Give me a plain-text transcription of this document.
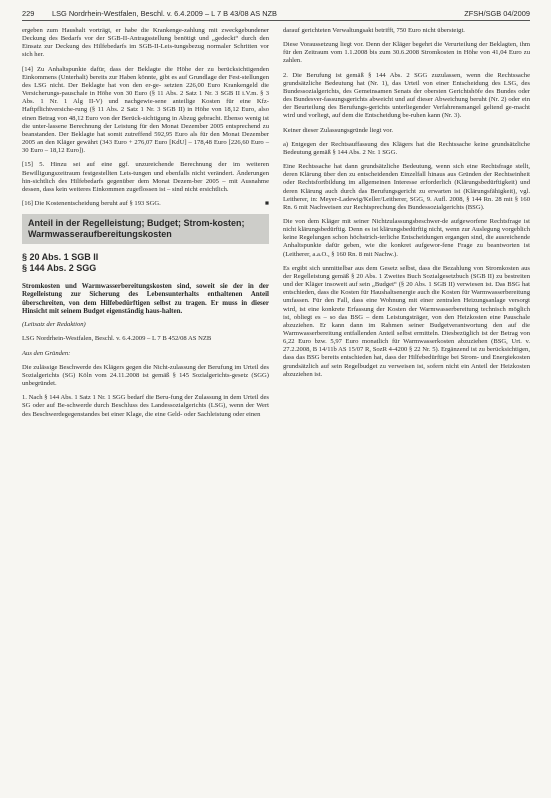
229	LSG Nordrhein-Westfalen, Beschl. v. 6.4.2009 – L 7 B 43/08 AS NZB	ZFSH/SGB 04/2009

ergeben zum Haushalt vorträgt, er habe die Krankenge-zahlung mit zweckgebundener Deckung des Bedarfs vor der SGB-II-Antragsstellung benötigt und „gedeckt“ durch den Einsatz zur Deckung des Hilfebedarfs im SGB-II-Leis-tungsbezug normaler Schritten vor sich her.

[14] Zu Anhaltspunkte dafür, dass der Beklagte die Höhe der zu berücksichtigenden Einkommens (Unterhalt) bereits zur Haben könnte, gibt es auf Grundlage der Fest-stellungen des LSG nicht. Der Beklagte hat von den er-ge- setzten 226,00 Euro Krankengeld die Versicherungs-pauschale in Höhe von 30 Euro (§ 11 Abs. 2 Satz 1 Nr. 3 SGB II i.V.m. § 3 Abs. 1 Nr. 1 Alg II-V) und nachgewie-sene anteilige Kosten für eine Kfz-Haftpflichtversiche-rung (§ 11 Abs. 2 Satz 1 Nr. 3 SGB II) in Höhe von 18,12 Euro, also einen Betrag von 48,12 Euro von der Berück-sichtigung in Abzug gebracht. Ebenso wenig ist die unter-lassene Berechnung der Leistung für den Monat Dezember 2005 entsprechend zu beanstanden. Der Beklagte hat somit zutreffend 592,95 Euro als für den Monat Dezember 2005 an den Kläger gewährt (343 Euro + 276,07 Euro [KdU] – 178,48 Euro [226,60 Euro – 30 Euro – 18,12 Euro]).

[15] 5. Hinzu sei auf eine ggf. unzureichende Berechnung der im weiteren Bewilligungszeitraum festgestellten Leis-tungen und ebenfalls nicht verändert. Änderungen hin-sichtlich des Hilfebedarfs gegenüber dem Monat Dezem-ber 2005 – mit Ausnahme dessen, dass kein weiteres Einkommen zugeflossen ist – sind nicht ersichtlich.

[16] Die Kostenentscheidung beruht auf § 193 SGG.	■

Anteil in der Regelleistung; Budget; Strom-kosten; Warmwasseraufbereitungskosten
§ 20 Abs. 1 SGB II
§ 144 Abs. 2 SGG

Stromkosten und Warmwasserbereitungskosten sind, soweit sie der in der Regelleistung zur Sicherung des Lebensunterhalts enthaltenen Anteil überschreiten, von dem Hilfebedürftigen selbst zu tragen. Er muss in dieser Hinsicht mit seinem Budget eigenständig haus-halten.

(Leitsatz der Redaktion)

LSG Nordrhein-Westfalen, Beschl. v. 6.4.2009 – L 7 B 452/08 AS NZB

Aus den Gründen:

Die zulässige Beschwerde des Klägers gegen die Nicht-zulassung der Berufung im Urteil des Sozialgerichts (SG) Köln vom 24.11.2008 ist gemäß § 145 Sozialgerichts-gesetz (SGG) unbegründet.

1. Nach § 144 Abs. 1 Satz 1 Nr. 1 SGG bedarf die Beru-fung der Zulassung in dem Urteil des SG oder auf Be-schwerde durch Beschluss des Landessozialgerichts (LSG), wenn der Wert des Beschwerdegegenstandes bei einer Klage, die eine Geld- oder Sachleistung oder einen

darauf gerichteten Verwaltungsakt betrifft, 750 Euro nicht übersteigt.

Diese Voraussetzung liegt vor. Denn der Kläger begehrt die Verurteilung der Beklagten, ihm für den Zeitraum vom 1.1.2008 bis zum 30.6.2008 Stromkosten in Höhe von 41,04 Euro zu zahlen.

2. Die Berufung ist gemäß § 144 Abs. 2 SGG zuzulassen, wenn die Rechtssache grundsätzliche Bedeutung hat (Nr. 1), das Urteil von einer Entscheidung des LSG, des Bundessozialgerichts, des Gemeinsamen Senats der obersten Gerichtshöfe des Bundes oder des Bundesver-fassungsgerichts abweicht und auf dieser Abweichung beruht (Nr. 2) oder ein der Beurteilung des Berufungs-gerichts unterliegender Verfahrensmangel geltend ge-macht wird und vorliegt, auf dem die Entscheidung be-ruhen kann (Nr. 3).

Keiner dieser Zulassungsgründe liegt vor.

a) Entgegen der Rechtsauffassung des Klägers hat die Rechtssache keine grundsätzliche Bedeutung gemäß § 144 Abs. 2 Nr. 1 SGG.

Eine Rechtssache hat dann grundsätzliche Bedeutung, wenn sich eine Rechtsfrage stellt, deren Klärung über den zu entscheidenden Einzelfall hinaus aus Gründen der Rechtseinheit oder Rechtsfortbildung im allgemeinen Interesse erforderlich (Klärungsbedürftigkeit) und deren Klärung auch durch das Berufungsgericht zu erwarten ist (Klärungsfähigkeit), vgl. Leitherer, in: Meyer-Ladewig/Keller/Leitherer, SGG, 9. Aufl. 2008, § 144 Rn. 28 mit § 160 Rn. 6 mit Nachweisen zur Rechtsprechung des Bundessozialgerichts (BSG).

Die von dem Kläger mit seiner Nichtzulassungsbeschwer-de aufgeworfene Rechtsfrage ist nicht klärungsbedürftig. Denn es ist klärungsbedürftig nicht, wenn zur Auslegung vorgeblich keine Regelungen schon höchstrich-terliche Entscheidungen ergangen sind, die ausreichende Anhaltspunkte dafür geben, wie die konkret aufgewor-fene Frage zu beantworten ist (Leitherer, a.a.O., § 160 Rn. 8 mit Nachw.).

Es ergibt sich unmittelbar aus dem Gesetz selbst, dass die Bezahlung von Stromkosten aus der Regelleistung gemäß § 20 Abs. 1 Zweites Buch Sozialgesetzbuch (SGB II) zu bestreiten und der Kläger insoweit auf sein „Budget“ (§ 20 Abs. 1 SGB II) verwiesen ist. Das BSG hat entschieden, dass die Kosten für Haushaltsenergie auch die Kosten für Warmwasserbereitung umfassen. Für den Fall, dass eine Wohnung mit einer zentralen Heizungsanlage versorgt wird, ist eine konkrete Erfassung der Kosten der Warmwasserbereitung technisch möglich ist, obliegt es – so das BSG – dem Leistungsträger, von den Heizkosten eine Pauschale abzuziehen. Er kann dann im Rahmen seiner Budgetverantwortung den auf die Warmwasserbereitung entfallenden Anteil selbst ermitteln. Diesbezüglich ist der Betrag von 6,22 Euro bzw. 5,97 Euro monatlich für Warmwasserkosten abzuziehen (BSG, Urt. v. 27.2.2008, B 14/11b AS 15/07 R, SozR 4-4200 § 22 Nr. 5). Ergänzend ist zu berücksichtigen, dass das BSG bereits entschieden hat, dass der Hilfebedürftige bei Strom- und Energiekosten grundsätzlich auf sein Regelbudget zu verweisen ist, sofern nicht ein Anteil der Heizkosten abzuziehen ist.
